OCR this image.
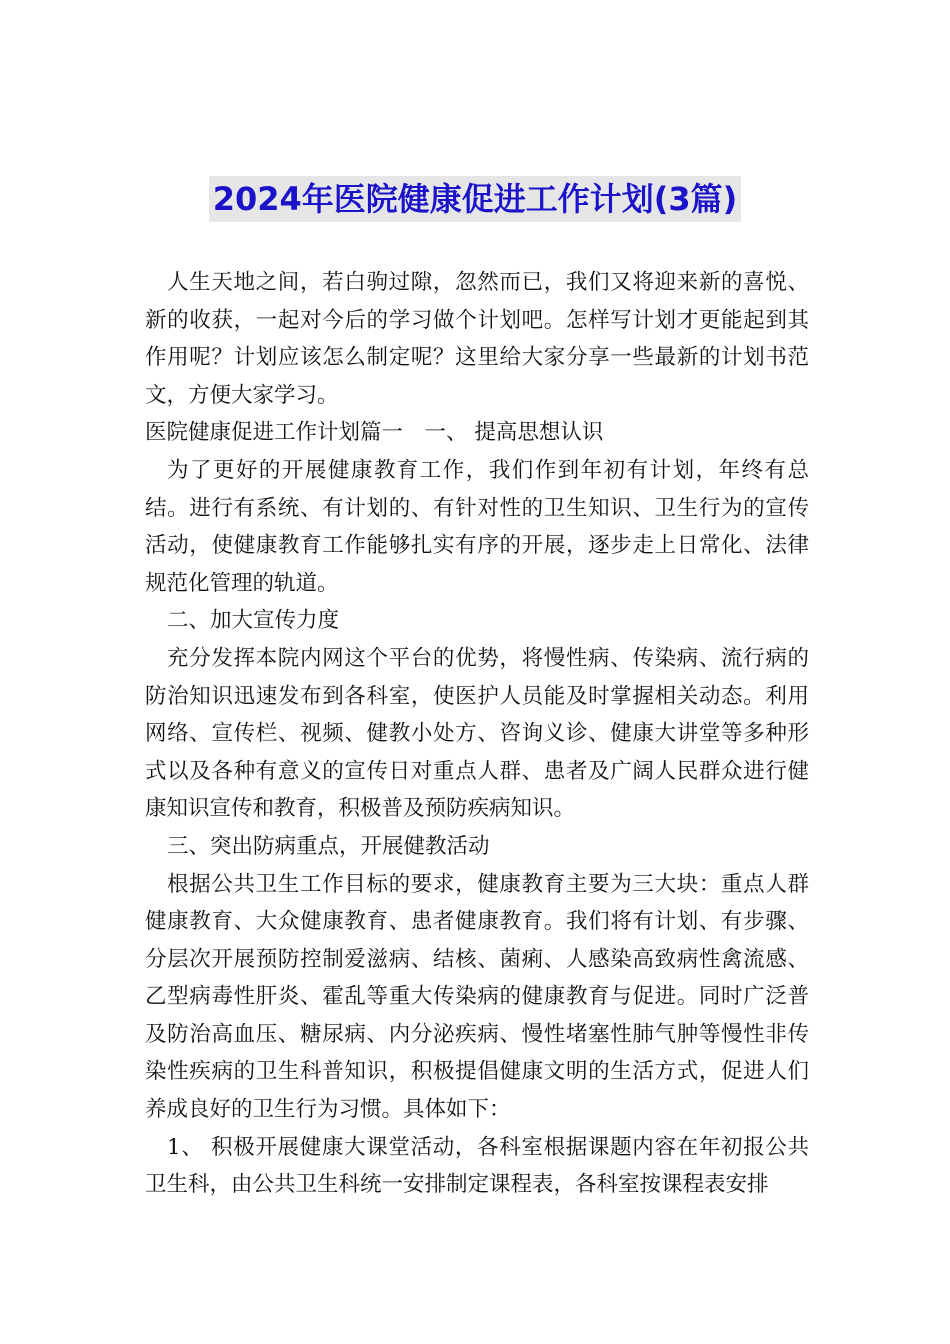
2024年医院健康促进工作计划(3篇)

人生天地之间，若白驹过隙，忽然而已，我们又将迎来新的喜悦、新的收获，一起对今后的学习做个计划吧。怎样写计划才更能起到其作用呢？计划应该怎么制定呢？这里给大家分享一些最新的计划书范文，方便大家学习。

医院健康促进工作计划篇一　一、 提高思想认识

为了更好的开展健康教育工作，我们作到年初有计划，年终有总结。进行有系统、有计划的、有针对性的卫生知识、卫生行为的宣传活动，使健康教育工作能够扎实有序的开展，逐步走上日常化、法律规范化管理的轨道。

二、加大宣传力度

充分发挥本院内网这个平台的优势，将慢性病、传染病、流行病的防治知识迅速发布到各科室，使医护人员能及时掌握相关动态。利用网络、宣传栏、视频、健教小处方、咨询义诊、健康大讲堂等多种形式以及各种有意义的宣传日对重点人群、患者及广阔人民群众进行健康知识宣传和教育，积极普及预防疾病知识。

三、突出防病重点，开展健教活动

根据公共卫生工作目标的要求，健康教育主要为三大块：重点人群健康教育、大众健康教育、患者健康教育。我们将有计划、有步骤、分层次开展预防控制爱滋病、结核、菌痢、人感染高致病性禽流感、乙型病毒性肝炎、霍乱等重大传染病的健康教育与促进。同时广泛普及防治高血压、糖尿病、内分泌疾病、慢性堵塞性肺气肿等慢性非传染性疾病的卫生科普知识，积极提倡健康文明的生活方式，促进人们养成良好的卫生行为习惯。具体如下：

1、 积极开展健康大课堂活动，各科室根据课题内容在年初报公共卫生科，由公共卫生科统一安排制定课程表，各科室按课程表安排
